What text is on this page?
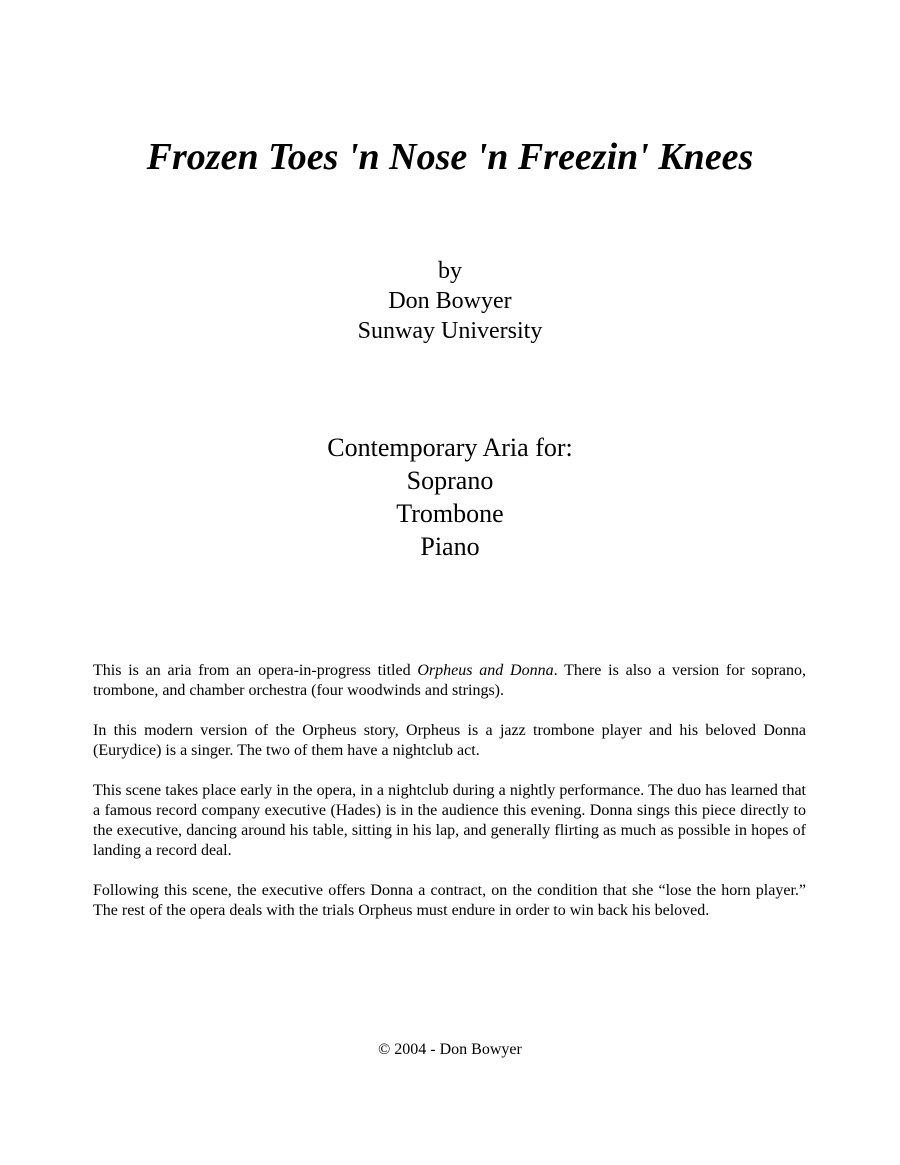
Frozen Toes 'n Nose 'n Freezin' Knees
by
Don Bowyer
Sunway University
Contemporary Aria for:
Soprano
Trombone
Piano

This is an aria from an opera-in-progress titled Orpheus and Donna. There is also a version for soprano, trombone, and chamber orchestra (four woodwinds and strings).

In this modern version of the Orpheus story, Orpheus is a jazz trombone player and his beloved Donna (Eurydice) is a singer. The two of them have a nightclub act.

This scene takes place early in the opera, in a nightclub during a nightly performance. The duo has learned that a famous record company executive (Hades) is in the audience this evening. Donna sings this piece directly to the executive, dancing around his table, sitting in his lap, and generally flirting as much as possible in hopes of landing a record deal.

Following this scene, the executive offers Donna a contract, on the condition that she “lose the horn player.” The rest of the opera deals with the trials Orpheus must endure in order to win back his beloved.

© 2004 - Don Bowyer
